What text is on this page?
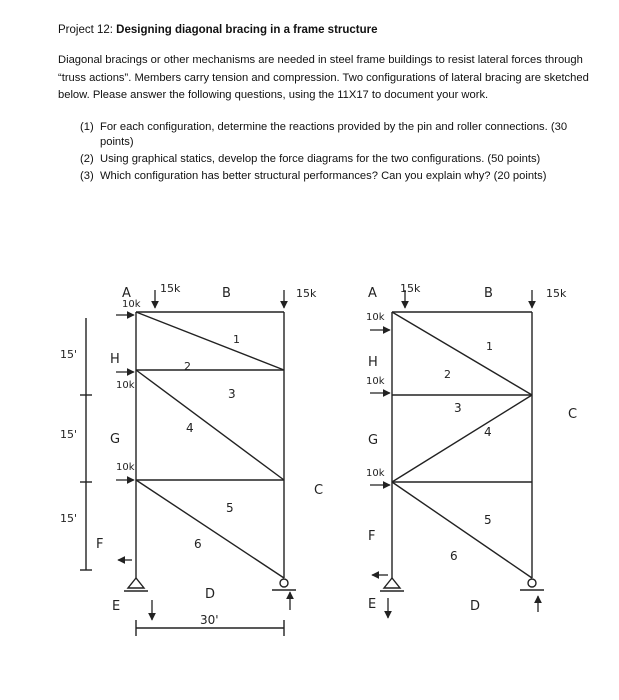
Project 12: Designing diagonal bracing in a frame structure
Diagonal bracings or other mechanisms are needed in steel frame buildings to resist lateral forces through “truss actions”. Members carry tension and compression. Two configurations of lateral bracing are sketched below. Please answer the following questions, using the 11X17 to document your work.
(1) For each configuration, determine the reactions provided by the pin and roller connections. (30 points)
(2) Using graphical statics, develop the force diagrams for the two configurations. (50 points)
(3) Which configuration has better structural performances? Can you explain why? (20 points)
A	15k
10k
B	15k
1
2
3
4
5
6
H
G
F
E
C
D
10k
10k
15'
15'
15'
30'
A 15k	B	15k
10k
H
10k
G
10k
F
E
C
D
1
2
3
4
5
6
